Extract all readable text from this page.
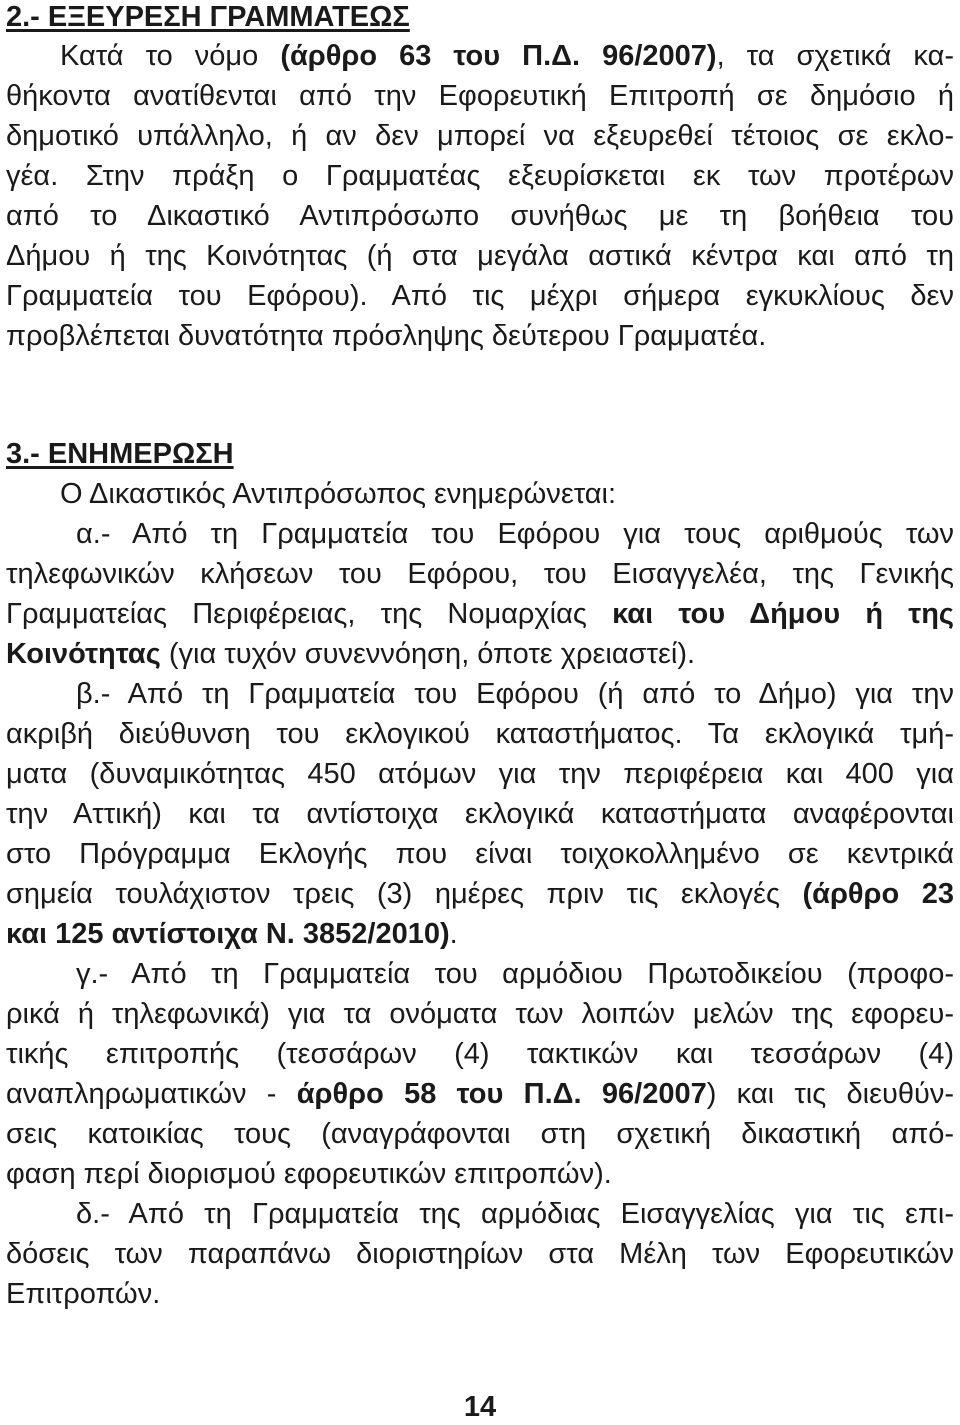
2.- ΕΞΕΥΡΕΣΗ ΓΡΑΜΜΑΤΕΩΣ
Κατά το νόμο (άρθρο 63 του Π.Δ. 96/2007), τα σχετικά κα-
θήκοντα ανατίθενται από την Εφορευτική Επιτροπή σε δημόσιο ή
δημοτικό υπάλληλο, ή αν δεν μπορεί να εξευρεθεί τέτοιος σε εκλο-
γέα. Στην πράξη ο Γραμματέας εξευρίσκεται εκ των προτέρων
από το Δικαστικό Αντιπρόσωπο συνήθως με τη βοήθεια του
Δήμου ή της Κοινότητας (ή στα μεγάλα αστικά κέντρα και από τη
Γραμματεία του Εφόρου). Από τις μέχρι σήμερα εγκυκλίους δεν
προβλέπεται δυνατότητα πρόσληψης δεύτερου Γραμματέα.
3.- ΕΝΗΜΕΡΩΣΗ
Ο Δικαστικός Αντιπρόσωπος ενημερώνεται:
α.- Από τη Γραμματεία του Εφόρου για τους αριθμούς των
τηλεφωνικών κλήσεων του Εφόρου, του Εισαγγελέα, της Γενικής
Γραμματείας Περιφέρειας, της Νομαρχίας και του Δήμου ή της
Κοινότητας (για τυχόν συνεννόηση, όποτε χρειαστεί).
β.- Από τη Γραμματεία του Εφόρου (ή από το Δήμο) για την
ακριβή διεύθυνση του εκλογικού καταστήματος. Τα εκλογικά τμή-
ματα (δυναμικότητας 450 ατόμων για την περιφέρεια και 400 για
την Αττική) και τα αντίστοιχα εκλογικά καταστήματα αναφέρονται
στο Πρόγραμμα Εκλογής που είναι τοιχοκολλημένο σε κεντρικά
σημεία τουλάχιστον τρεις (3) ημέρες πριν τις εκλογές (άρθρο 23
και 125 αντίστοιχα Ν. 3852/2010).
γ.- Από τη Γραμματεία του αρμόδιου Πρωτοδικείου (προφο-
ρικά ή τηλεφωνικά) για τα ονόματα των λοιπών μελών της εφορευ-
τικής επιτροπής (τεσσάρων (4) τακτικών και τεσσάρων (4)
αναπληρωματικών - άρθρο 58 του Π.Δ. 96/2007) και τις διευθύν-
σεις κατοικίας τους (αναγράφονται στη σχετική δικαστική από-
φαση περί διορισμού εφορευτικών επιτροπών).
δ.- Από τη Γραμματεία της αρμόδιας Εισαγγελίας για τις επι-
δόσεις των παραπάνω διοριστηρίων στα Μέλη των Εφορευτικών
Επιτροπών.
14
